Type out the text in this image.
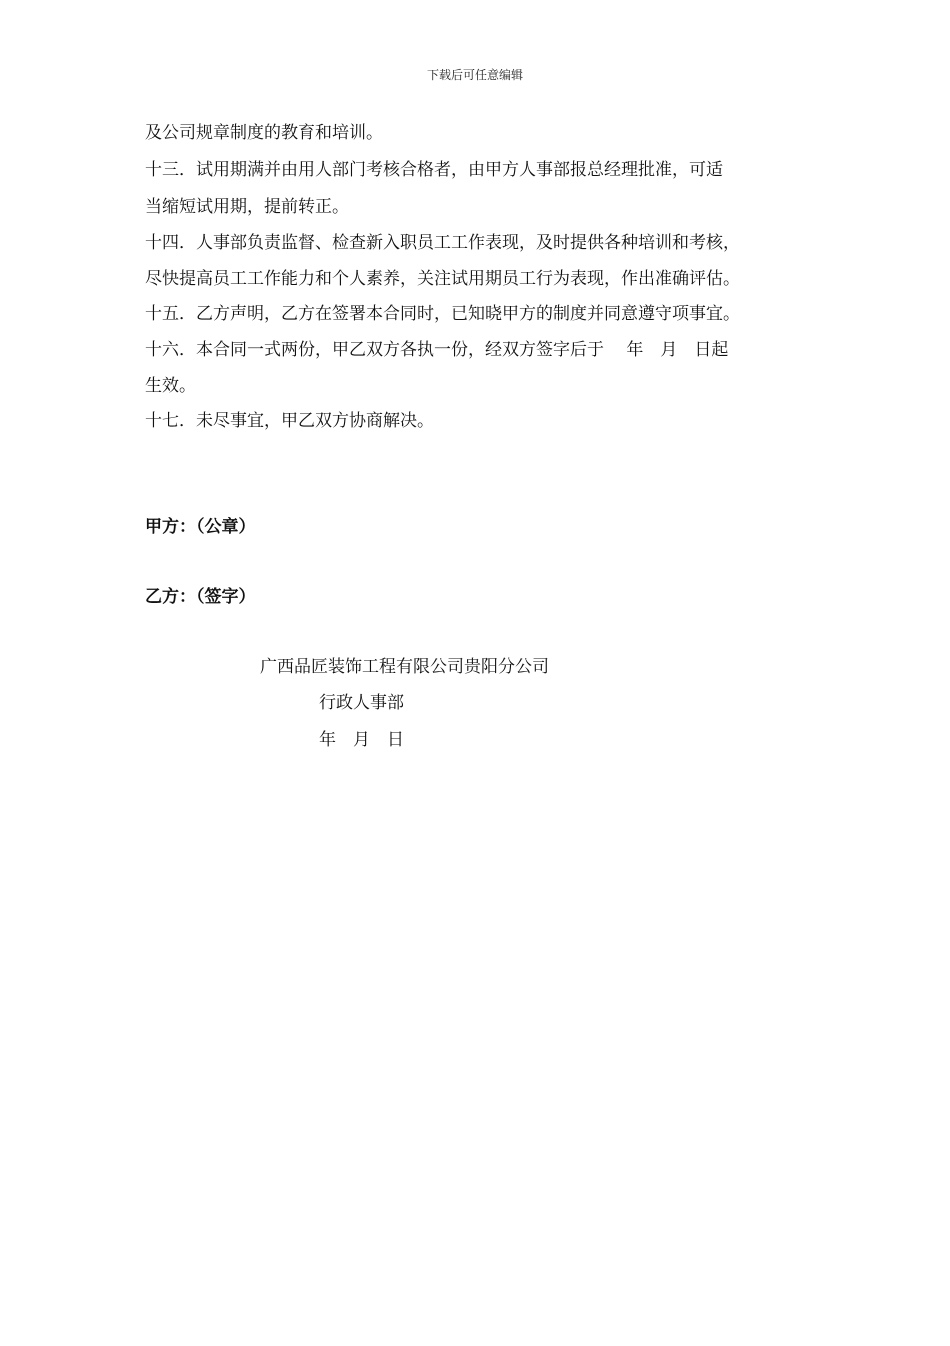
下载后可任意编辑
及公司规章制度的教育和培训。
十三．试用期满并由用人部门考核合格者，由甲方人事部报总经理批准，可适
当缩短试用期，提前转正。
十四．人事部负责监督、检查新入职员工工作表现，及时提供各种培训和考核，
尽快提高员工工作能力和个人素养，关注试用期员工行为表现，作出准确评估。
十五．乙方声明，乙方在签署本合同时，已知晓甲方的制度并同意遵守项事宜。
十六．本合同一式两份，甲乙双方各执一份，经双方签字后于　 年　月　日起
生效。
十七．未尽事宜，甲乙双方协商解决。
甲方：（公章）
乙方：（签字）
广西品匠装饰工程有限公司贵阳分公司
行政人事部
年　月　日
